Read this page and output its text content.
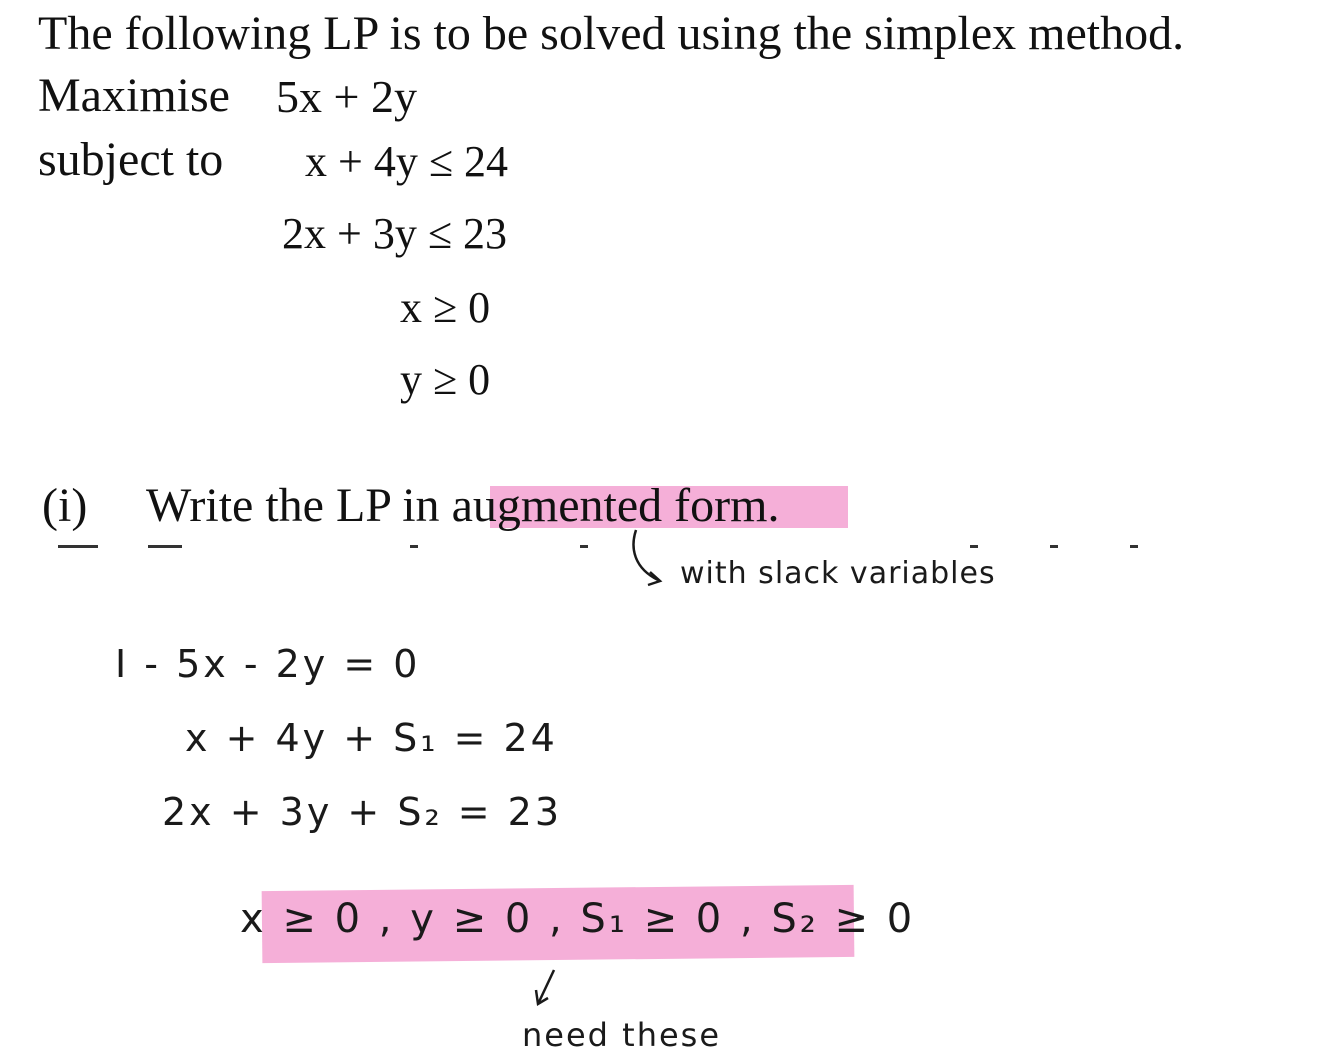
The following LP is to be solved using the simplex method.
Maximise 5x + 2y
subject to x + 4y ≤ 24
2x + 3y ≤ 23
x ≥ 0
y ≥ 0
(i) Write the LP in augmented form.
with slack variables
I - 5x - 2y = 0
x + 4y + S₁ = 24
2x + 3y + S₂ = 23
x ≥ 0 , y ≥ 0 , S₁ ≥ 0 , S₂ ≥ 0
need these
